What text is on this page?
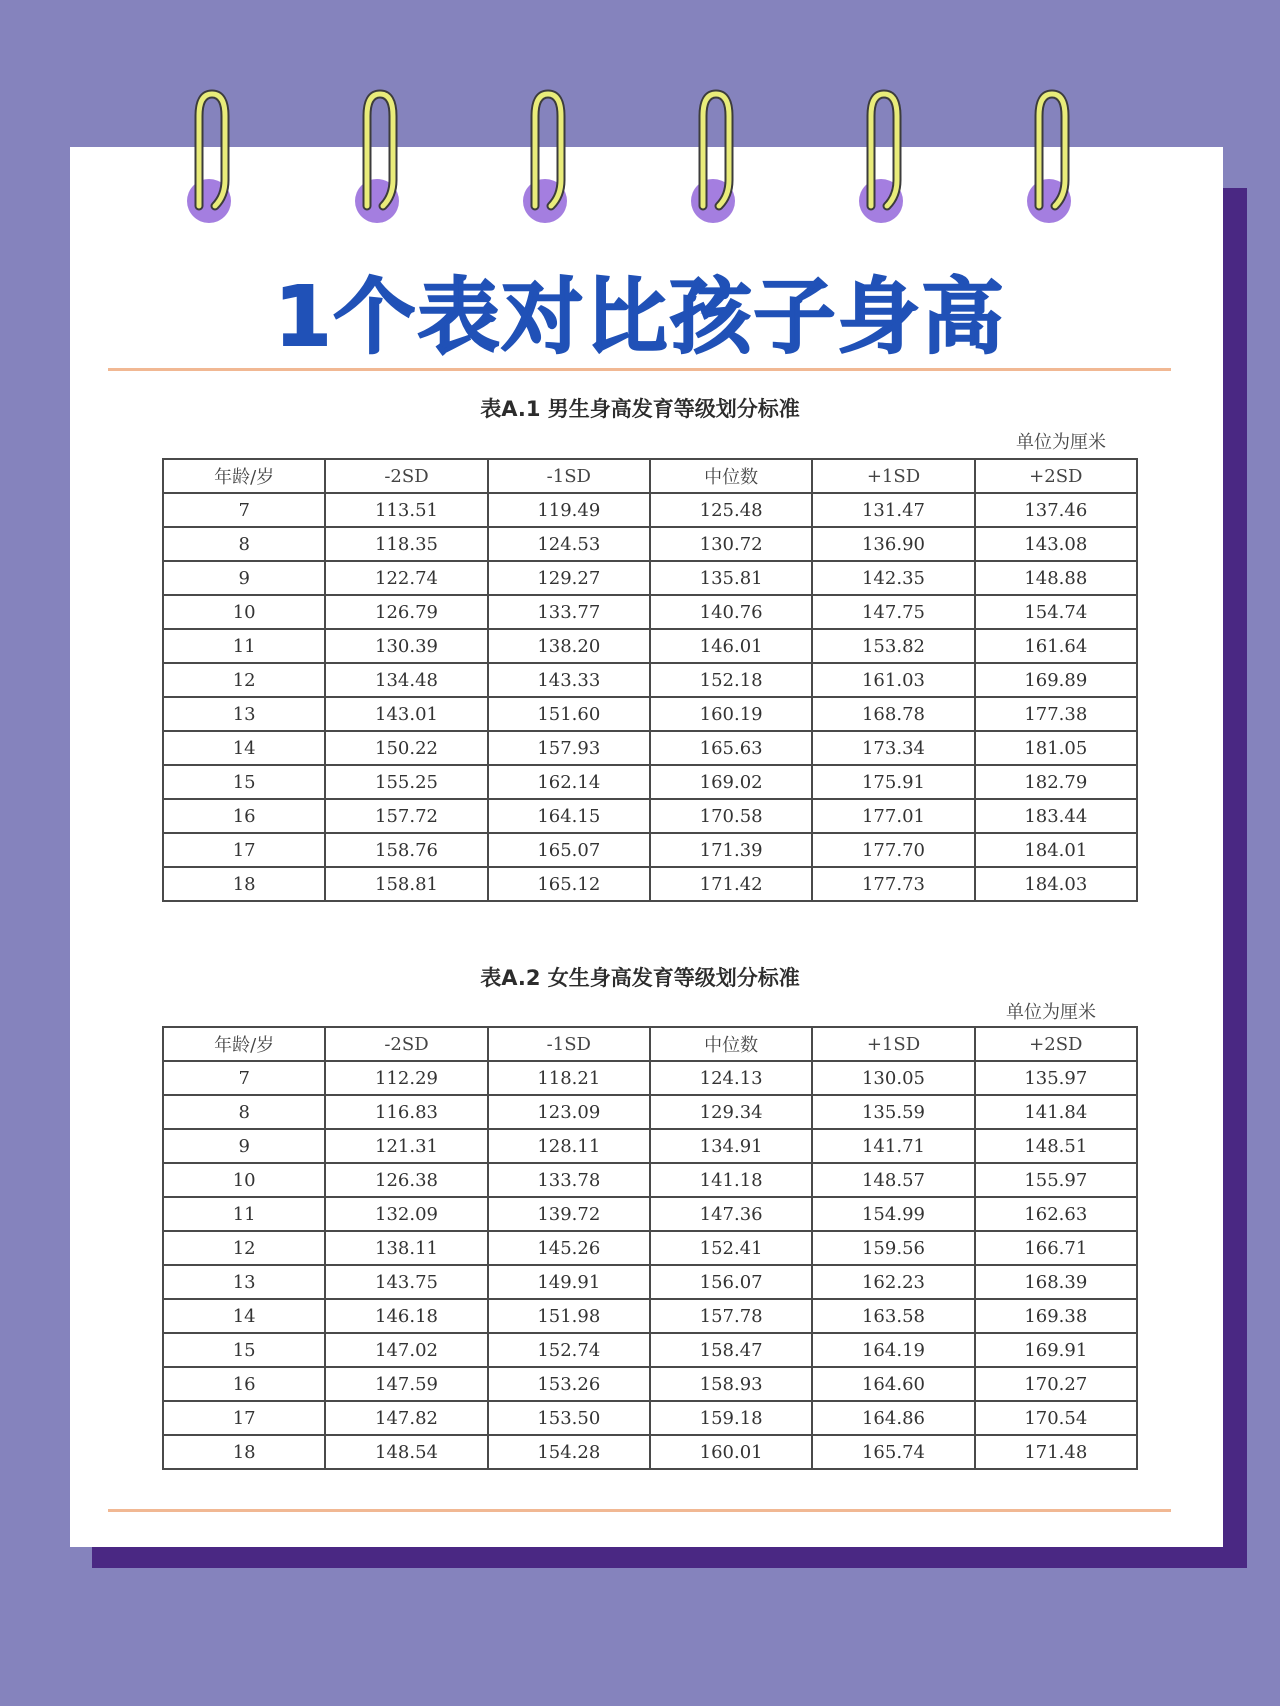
1个表对比孩子身高
表A.1 男生身高发育等级划分标准
单位为厘米
年龄/岁	-2SD	-1SD	中位数	+1SD	+2SD
7	113.51	119.49	125.48	131.47	137.46
8	118.35	124.53	130.72	136.90	143.08
9	122.74	129.27	135.81	142.35	148.88
10	126.79	133.77	140.76	147.75	154.74
11	130.39	138.20	146.01	153.82	161.64
12	134.48	143.33	152.18	161.03	169.89
13	143.01	151.60	160.19	168.78	177.38
14	150.22	157.93	165.63	173.34	181.05
15	155.25	162.14	169.02	175.91	182.79
16	157.72	164.15	170.58	177.01	183.44
17	158.76	165.07	171.39	177.70	184.01
18	158.81	165.12	171.42	177.73	184.03
表A.2 女生身高发育等级划分标准
单位为厘米
年龄/岁	-2SD	-1SD	中位数	+1SD	+2SD
7	112.29	118.21	124.13	130.05	135.97
8	116.83	123.09	129.34	135.59	141.84
9	121.31	128.11	134.91	141.71	148.51
10	126.38	133.78	141.18	148.57	155.97
11	132.09	139.72	147.36	154.99	162.63
12	138.11	145.26	152.41	159.56	166.71
13	143.75	149.91	156.07	162.23	168.39
14	146.18	151.98	157.78	163.58	169.38
15	147.02	152.74	158.47	164.19	169.91
16	147.59	153.26	158.93	164.60	170.27
17	147.82	153.50	159.18	164.86	170.54
18	148.54	154.28	160.01	165.74	171.48
